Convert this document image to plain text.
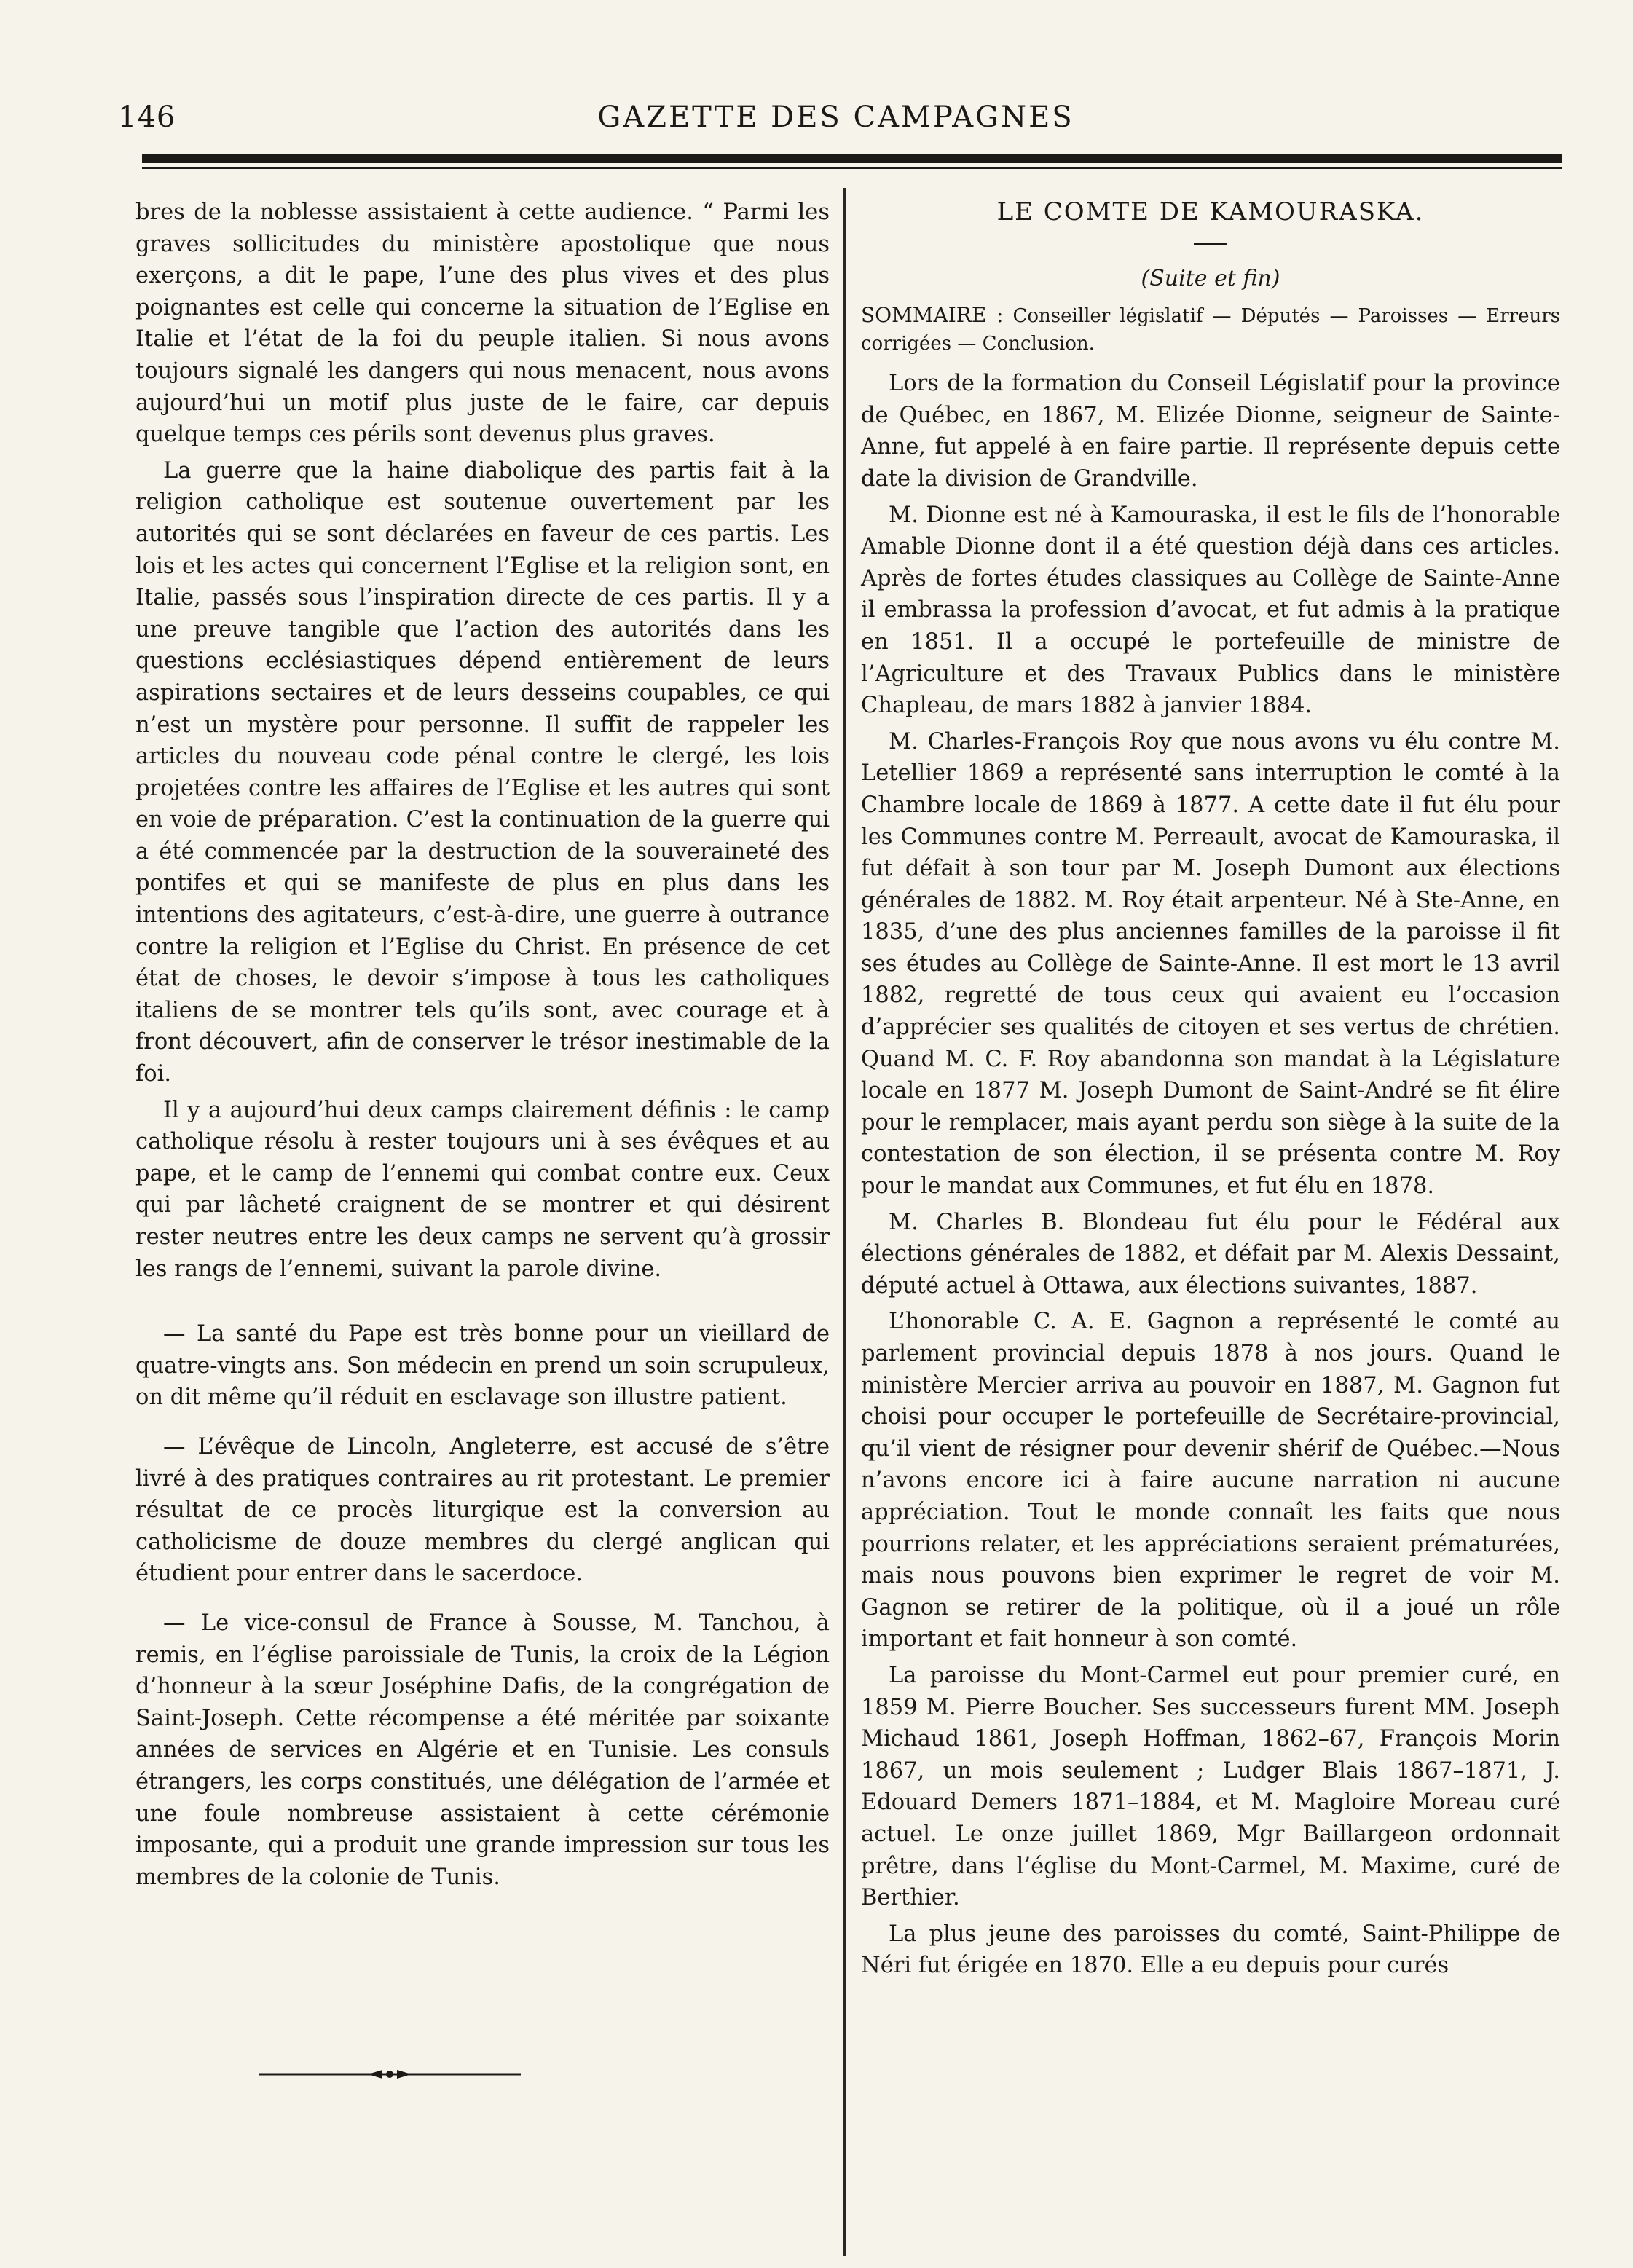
146	GAZETTE DES CAMPAGNES

bres de la noblesse assistaient à cette audience. “ Parmi les graves sollicitudes du ministère apostolique que nous exerçons, a dit le pape, l’une des plus vives et des plus poignantes est celle qui concerne la situation de l’Eglise en Italie et l’état de la foi du peuple italien. Si nous avons toujours signalé les dangers qui nous menacent, nous avons aujourd’hui un motif plus juste de le faire, car depuis quelque temps ces périls sont devenus plus graves.

La guerre que la haine diabolique des partis fait à la religion catholique est soutenue ouvertement par les autorités qui se sont déclarées en faveur de ces partis. Les lois et les actes qui concernent l’Eglise et la religion sont, en Italie, passés sous l’inspiration directe de ces partis. Il y a une preuve tangible que l’action des autorités dans les questions ecclésiastiques dépend entièrement de leurs aspirations sectaires et de leurs desseins coupables, ce qui n’est un mystère pour personne. Il suffit de rappeler les articles du nouveau code pénal contre le clergé, les lois projetées contre les affaires de l’Eglise et les autres qui sont en voie de préparation. C’est la continuation de la guerre qui a été commencée par la destruction de la souveraineté des pontifes et qui se manifeste de plus en plus dans les intentions des agitateurs, c’est-à-dire, une guerre à outrance contre la religion et l’Eglise du Christ. En présence de cet état de choses, le devoir s’impose à tous les catholiques italiens de se montrer tels qu’ils sont, avec courage et à front découvert, afin de conserver le trésor inestimable de la foi.

Il y a aujourd’hui deux camps clairement définis : le camp catholique résolu à rester toujours uni à ses évêques et au pape, et le camp de l’ennemi qui combat contre eux. Ceux qui par lâcheté craignent de se montrer et qui désirent rester neutres entre les deux camps ne servent qu’à grossir les rangs de l’ennemi, suivant la parole divine.

— La santé du Pape est très bonne pour un vieillard de quatre-vingts ans. Son médecin en prend un soin scrupuleux, on dit même qu’il réduit en esclavage son illustre patient.

— L’évêque de Lincoln, Angleterre, est accusé de s’être livré à des pratiques contraires au rit protestant. Le premier résultat de ce procès liturgique est la conversion au catholicisme de douze membres du clergé anglican qui étudient pour entrer dans le sacerdoce.

— Le vice-consul de France à Sousse, M. Tanchou, à remis, en l’église paroissiale de Tunis, la croix de la Légion d’honneur à la sœur Joséphine Dafis, de la congrégation de Saint-Joseph. Cette récompense a été méritée par soixante années de services en Algérie et en Tunisie. Les consuls étrangers, les corps constitués, une délégation de l’armée et une foule nombreuse assistaient à cette cérémonie imposante, qui a produit une grande impression sur tous les membres de la colonie de Tunis.

LE COMTE DE KAMOURASKA.
(Suite et fin)
SOMMAIRE : Conseiller législatif — Députés — Paroisses — Erreurs corrigées — Conclusion.

Lors de la formation du Conseil Législatif pour la province de Québec, en 1867, M. Elizée Dionne, seigneur de Sainte-Anne, fut appelé à en faire partie. Il représente depuis cette date la division de Grandville.

M. Dionne est né à Kamouraska, il est le fils de l’honorable Amable Dionne dont il a été question déjà dans ces articles. Après de fortes études classiques au Collège de Sainte-Anne il embrassa la profession d’avocat, et fut admis à la pratique en 1851. Il a occupé le portefeuille de ministre de l’Agriculture et des Travaux Publics dans le ministère Chapleau, de mars 1882 à janvier 1884.

M. Charles-François Roy que nous avons vu élu contre M. Letellier 1869 a représenté sans interruption le comté à la Chambre locale de 1869 à 1877. A cette date il fut élu pour les Communes contre M. Perreault, avocat de Kamouraska, il fut défait à son tour par M. Joseph Dumont aux élections générales de 1882. M. Roy était arpenteur. Né à Ste-Anne, en 1835, d’une des plus anciennes familles de la paroisse il fit ses études au Collège de Sainte-Anne. Il est mort le 13 avril 1882, regretté de tous ceux qui avaient eu l’occasion d’apprécier ses qualités de citoyen et ses vertus de chrétien. Quand M. C. F. Roy abandonna son mandat à la Législature locale en 1877 M. Joseph Dumont de Saint-André se fit élire pour le remplacer, mais ayant perdu son siège à la suite de la contestation de son élection, il se présenta contre M. Roy pour le mandat aux Communes, et fut élu en 1878.

M. Charles B. Blondeau fut élu pour le Fédéral aux élections générales de 1882, et défait par M. Alexis Dessaint, député actuel à Ottawa, aux élections suivantes, 1887.

L’honorable C. A. E. Gagnon a représenté le comté au parlement provincial depuis 1878 à nos jours. Quand le ministère Mercier arriva au pouvoir en 1887, M. Gagnon fut choisi pour occuper le portefeuille de Secrétaire-provincial, qu’il vient de résigner pour devenir shérif de Québec.—Nous n’avons encore ici à faire aucune narration ni aucune appréciation. Tout le monde connaît les faits que nous pourrions relater, et les appréciations seraient prématurées, mais nous pouvons bien exprimer le regret de voir M. Gagnon se retirer de la politique, où il a joué un rôle important et fait honneur à son comté.

La paroisse du Mont-Carmel eut pour premier curé, en 1859 M. Pierre Boucher. Ses successeurs furent MM. Joseph Michaud 1861, Joseph Hoffman, 1862–67, François Morin 1867, un mois seulement ; Ludger Blais 1867–1871, J. Edouard Demers 1871–1884, et M. Magloire Moreau curé actuel. Le onze juillet 1869, Mgr Baillargeon ordonnait prêtre, dans l’église du Mont-Carmel, M. Maxime, curé de Berthier.

La plus jeune des paroisses du comté, Saint-Philippe de Néri fut érigée en 1870. Elle a eu depuis pour curés
